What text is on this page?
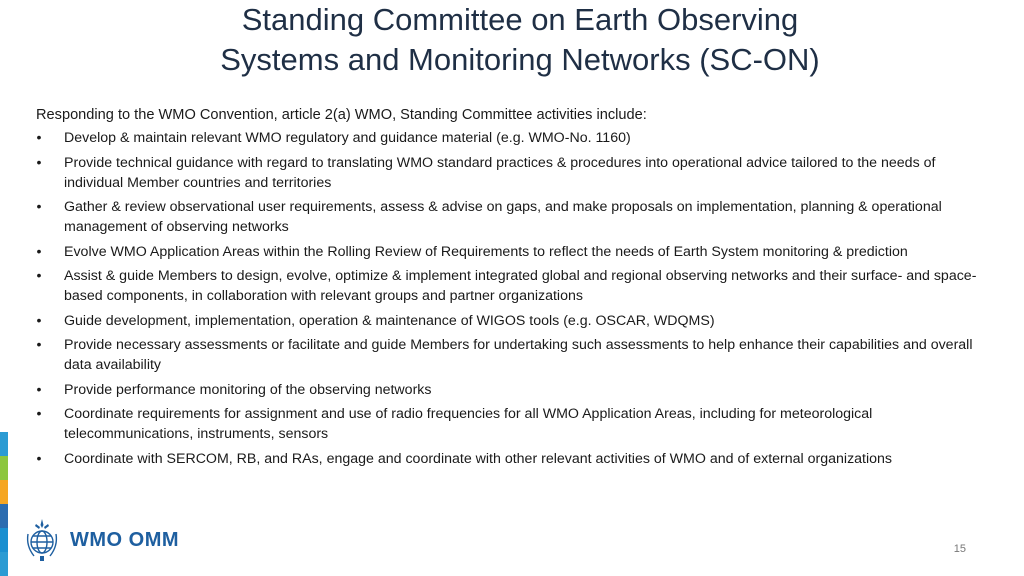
Standing Committee on Earth Observing
Systems and Monitoring Networks (SC-ON)
Responding to the WMO Convention, article 2(a) WMO, Standing Committee activities include:
• Develop & maintain relevant WMO regulatory and guidance material (e.g. WMO-No. 1160)
• Provide technical guidance with regard to translating WMO standard practices & procedures into operational advice tailored to the needs of individual Member countries and territories
• Gather & review observational user requirements, assess & advise on gaps, and make proposals on implementation, planning & operational management of observing networks
• Evolve WMO Application Areas within the Rolling Review of Requirements to reflect the needs of Earth System monitoring & prediction
• Assist & guide Members to design, evolve, optimize & implement integrated global and regional observing networks and their surface- and space-based components, in collaboration with relevant groups and partner organizations
• Guide development, implementation, operation & maintenance of WIGOS tools (e.g. OSCAR, WDQMS)
• Provide necessary assessments or facilitate and guide Members for undertaking such assessments to help enhance their capabilities and overall data availability
• Provide performance monitoring of the observing networks
• Coordinate requirements for assignment and use of radio frequencies for all WMO Application Areas, including for meteorological telecommunications, instruments, sensors
• Coordinate with SERCOM, RB, and RAs, engage and coordinate with other relevant activities of WMO and of external organizations
WMO OMM	15
